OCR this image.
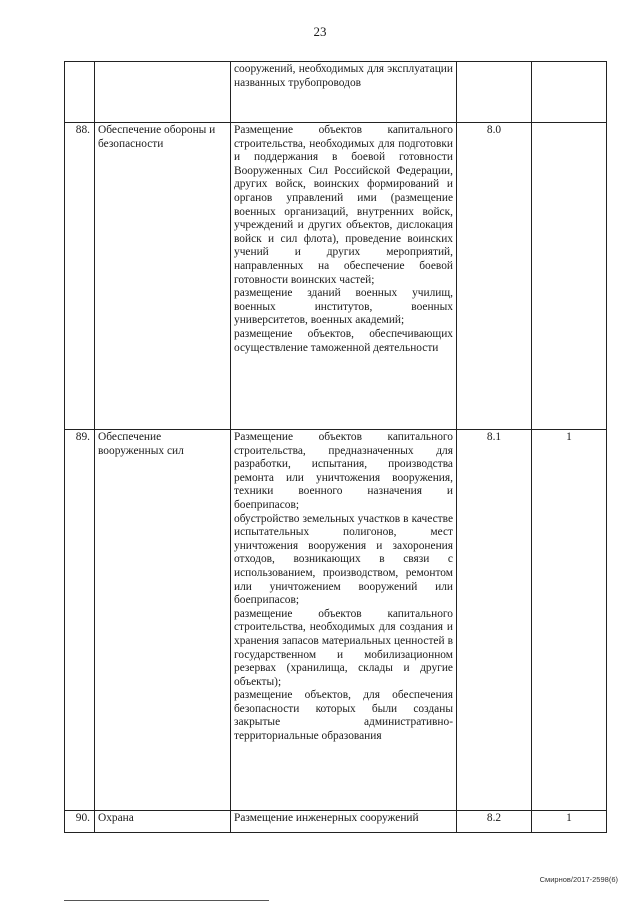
23
		сооружений, необходимых для эксплуатации названных трубопроводов		
88.	Обеспечение обороны и безопасности	Размещение объектов капитального строительства, необходимых для подготовки и поддержания в боевой готовности Вооруженных Сил Российской Федерации, других войск, воинских формирований и органов управлений ими (размещение военных организаций, внутренних войск, учреждений и других объектов, дислокация войск и сил флота), проведение воинских учений и других мероприятий, направленных на обеспечение боевой готовности воинских частей;
размещение зданий военных училищ, военных институтов, военных университетов, военных академий;
размещение объектов, обеспечивающих осуществление таможенной деятельности	8.0	
89.	Обеспечение вооруженных сил	Размещение объектов капитального строительства, предназначенных для разработки, испытания, производства ремонта или уничтожения вооружения, техники военного назначения и боеприпасов;
обустройство земельных участков в качестве испытательных полигонов, мест уничтожения вооружения и захоронения отходов, возникающих в связи с использованием, производством, ремонтом или уничтожением вооружений или боеприпасов;
размещение объектов капитального строительства, необходимых для создания и хранения запасов материальных ценностей в государственном и мобилизационном резервах (хранилища, склады и другие объекты);
размещение объектов, для обеспечения безопасности которых были созданы закрытые административно-территориальные образования	8.1	1
90.	Охрана	Размещение инженерных сооружений	8.2	1
Смирнов/2017-2598(6)
